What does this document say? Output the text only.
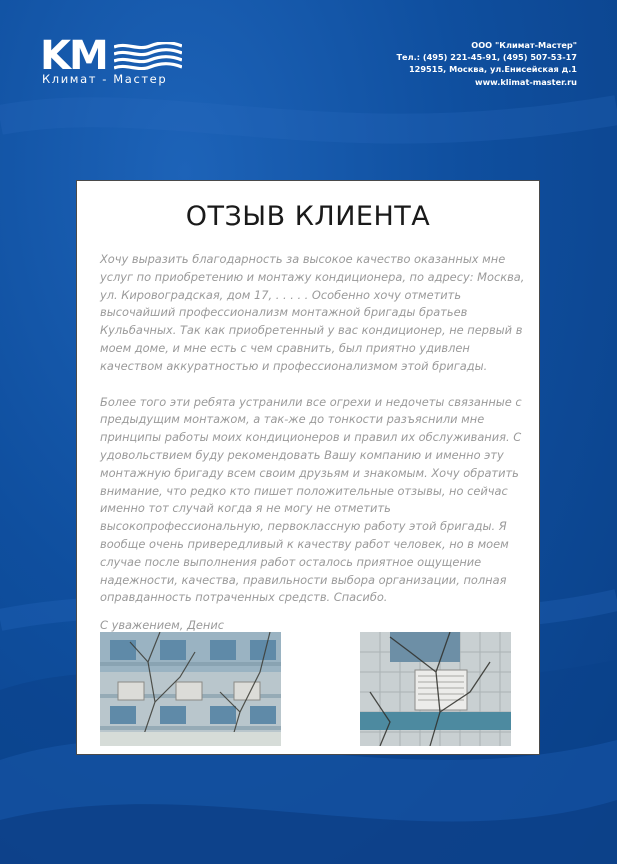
KM
Климат - Мастер
ООО "Климат-Мастер"
Тел.: (495) 221-45-91, (495) 507-53-17
129515, Москва, ул.Енисейская д.1
www.klimat-master.ru
ОТЗЫВ КЛИЕНТА

Хочу выразить благодарность за высокое качество оказанных мне услуг по приобретению и монтажу кондиционера, по адресу: Москва, ул. Кировоградская, дом 17, . . . . . Особенно хочу отметить высочайший профессионализм монтажной бригады братьев Кульбачных. Так как приобретенный у вас кондиционер, не первый в моем доме, и мне есть с чем сравнить, был приятно удивлен качеством аккуратностью и профессионализмом этой бригады.

Более того эти ребята устранили все огрехи и недочеты связанные с предыдущим монтажом, а так-же до тонкости разъяснили мне принципы работы моих кондиционеров и правил их обслуживания. С удовольствием буду рекомендовать Вашу компанию и именно эту монтажную бригаду всем своим друзьям и знакомым. Хочу обратить внимание, что редко кто пишет положительные отзывы, но сейчас именно тот случай когда я не могу не отметить высокопрофессиональную, первоклассную работу этой бригады. Я вообще очень привередливый к качеству работ человек, но в моем случае после выполнения работ осталось приятное ощущение надежности, качества, правильности выбора организации, полная оправданность потраченных средств. Спасибо.

С уважением, Денис
